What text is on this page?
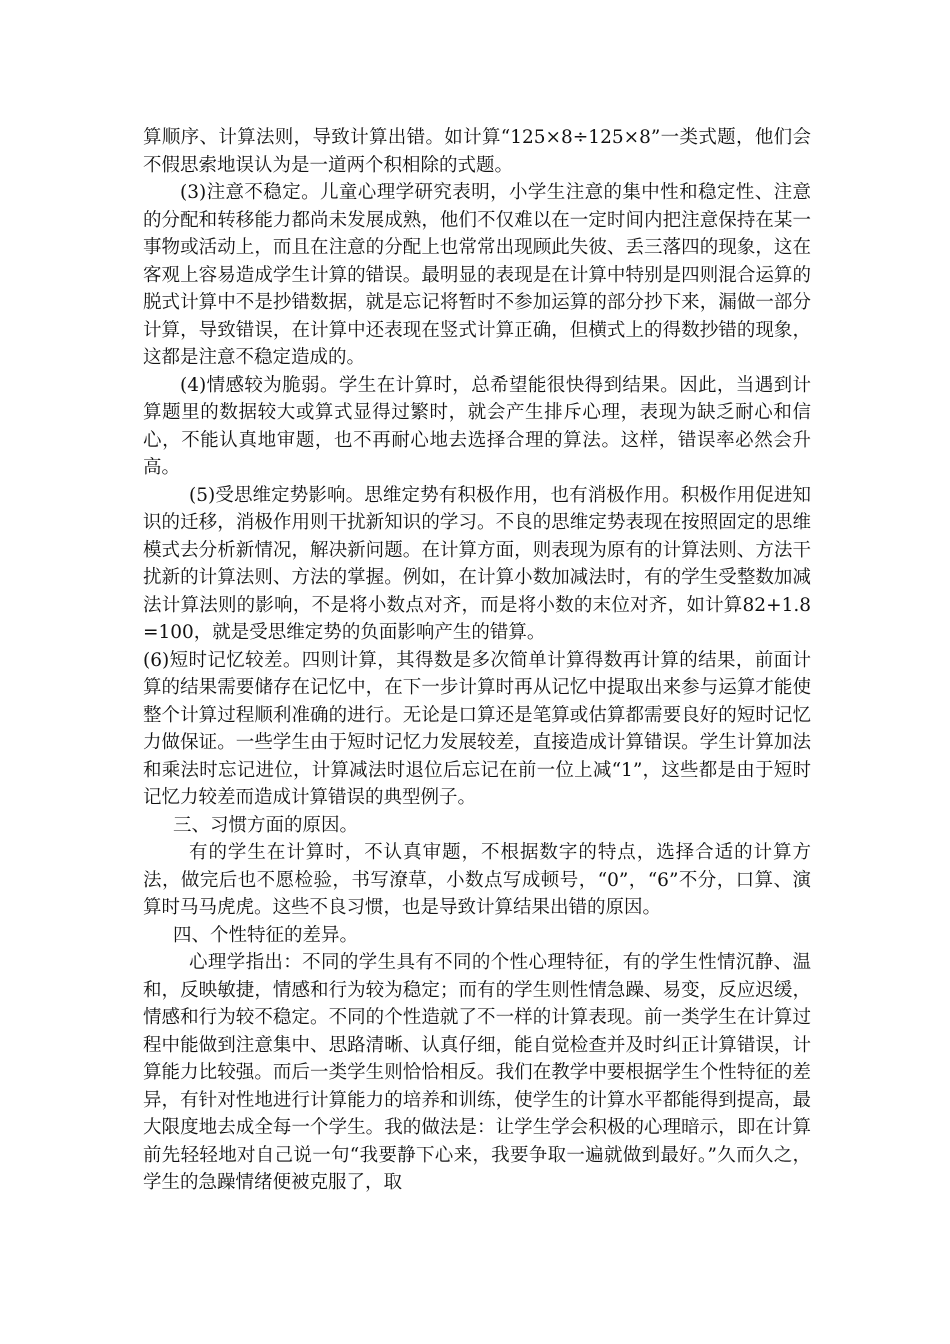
算顺序、计算法则，导致计算出错。如计算“125×8÷125×8”一类式题，他们会不假思索地误认为是一道两个积相除的式题。

(3)注意不稳定。儿童心理学研究表明，小学生注意的集中性和稳定性、注意的分配和转移能力都尚未发展成熟，他们不仅难以在一定时间内把注意保持在某一事物或活动上，而且在注意的分配上也常常出现顾此失彼、丢三落四的现象，这在客观上容易造成学生计算的错误。最明显的表现是在计算中特别是四则混合运算的脱式计算中不是抄错数据，就是忘记将暂时不参加运算的部分抄下来，漏做一部分计算，导致错误，在计算中还表现在竖式计算正确，但横式上的得数抄错的现象，这都是注意不稳定造成的。

(4)情感较为脆弱。学生在计算时，总希望能很快得到结果。因此，当遇到计算题里的数据较大或算式显得过繁时，就会产生排斥心理，表现为缺乏耐心和信心，不能认真地审题，也不再耐心地去选择合理的算法。这样，错误率必然会升高。

(5)受思维定势影响。思维定势有积极作用，也有消极作用。积极作用促进知识的迁移，消极作用则干扰新知识的学习。不良的思维定势表现在按照固定的思维模式去分析新情况，解决新问题。在计算方面，则表现为原有的计算法则、方法干扰新的计算法则、方法的掌握。例如，在计算小数加减法时，有的学生受整数加减法计算法则的影响，不是将小数点对齐，而是将小数的末位对齐，如计算82+1.8=100，就是受思维定势的负面影响产生的错算。

(6)短时记忆较差。四则计算，其得数是多次简单计算得数再计算的结果，前面计算的结果需要储存在记忆中，在下一步计算时再从记忆中提取出来参与运算才能使整个计算过程顺利准确的进行。无论是口算还是笔算或估算都需要良好的短时记忆力做保证。一些学生由于短时记忆力发展较差，直接造成计算错误。学生计算加法和乘法时忘记进位，计算减法时退位后忘记在前一位上减“1”，这些都是由于短时记忆力较差而造成计算错误的典型例子。

三、习惯方面的原因。

有的学生在计算时，不认真审题，不根据数字的特点，选择合适的计算方法，做完后也不愿检验，书写潦草，小数点写成顿号，“0”，“6”不分，口算、演算时马马虎虎。这些不良习惯，也是导致计算结果出错的原因。

四、个性特征的差异。

心理学指出：不同的学生具有不同的个性心理特征，有的学生性情沉静、温和，反映敏捷，情感和行为较为稳定；而有的学生则性情急躁、易变，反应迟缓，情感和行为较不稳定。不同的个性造就了不一样的计算表现。前一类学生在计算过程中能做到注意集中、思路清晰、认真仔细，能自觉检查并及时纠正计算错误，计算能力比较强。而后一类学生则恰恰相反。我们在教学中要根据学生个性特征的差异，有针对性地进行计算能力的培养和训练，使学生的计算水平都能得到提高，最大限度地去成全每一个学生。我的做法是：让学生学会积极的心理暗示，即在计算前先轻轻地对自己说一句“我要静下心来，我要争取一遍就做到最好。”久而久之，学生的急躁情绪便被克服了，取
